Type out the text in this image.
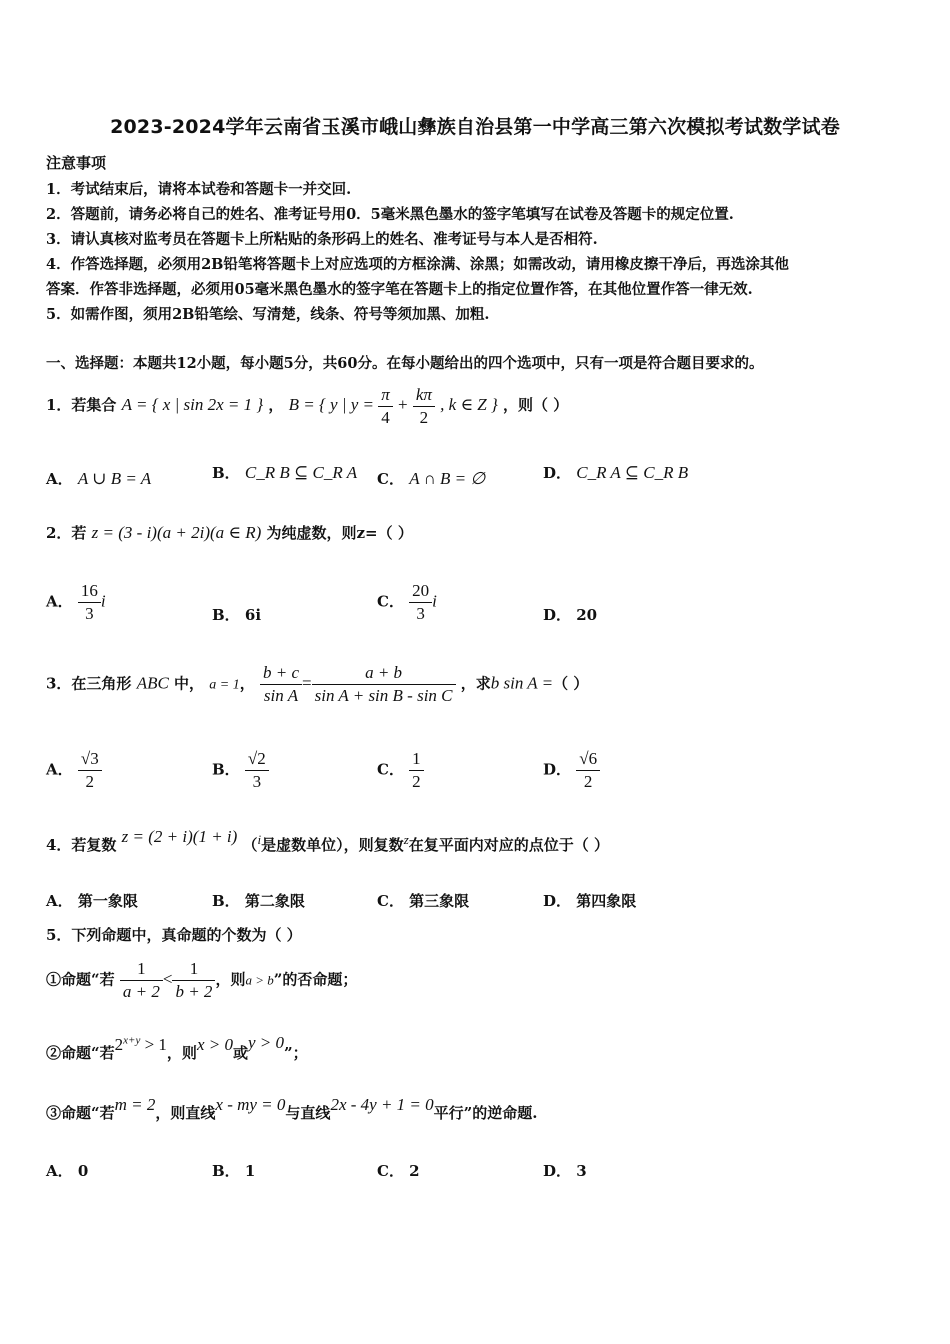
2023-2024学年云南省玉溪市峨山彝族自治县第一中学高三第六次模拟考试数学试卷
注意事项
1．考试结束后，请将本试卷和答题卡一并交回.
2．答题前，请务必将自己的姓名、准考证号用0．5毫米黑色墨水的签字笔填写在试卷及答题卡的规定位置.
3．请认真核对监考员在答题卡上所粘贴的条形码上的姓名、准考证号与本人是否相符.
4．作答选择题，必须用2B铅笔将答题卡上对应选项的方框涂满、涂黑；如需改动，请用橡皮擦干净后，再选涂其他
答案．作答非选择题，必须用05毫米黑色墨水的签字笔在答题卡上的指定位置作答，在其他位置作答一律无效.
5．如需作图，须用2B铅笔绘、写清楚，线条、符号等须加黑、加粗.
一、选择题：本题共12小题，每小题5分，共60分。在每小题给出的四个选项中，只有一项是符合题目要求的。
1．若集合 A = { x | sin 2x = 1 } ， B = { y | $y = \frac{\pi}{4} + \frac{k\pi}{2}$ , k ∈ Z } ，则（ ）
A． A ∪ B = A	B． C_R B ⊆ C_R A C． A ∩ B = ∅	D． C_R A ⊆ C_R B
2．若 z = (3 - i)(a + 2i)(a ∈ R) 为纯虚数，则z=（ ）
A． $\frac{16}{3}$ i
B． 6i
C． $\frac{20}{3}$ i
D． 20
3．在三角形 ABC 中， a = 1， $\frac{b + c}{\text{sin A}} = \frac{a + b}{\text{sin A + sin B - sin C}}$ ，求b sin A =（ ）
A． $\frac{√3}{2}$	B． $\frac{√2}{3}$	C． $\frac{1}{2}$	D． $\frac{√6}{2}$
4．若复数 z = (2 + i)(1 + i) （i是虚数单位），则复数z在复平面内对应的点位于（ ）
A． 第一象限	B． 第二象限	C． 第三象限	D． 第四象限
5．下列命题中，真命题的个数为（ ）
①命题“若 $\frac{1}{a + 2} < \frac{1}{b + 2}$ ，则a > b”的否命题；
②命题“若$2^{x+y} > 1$，则x > 0或y > 0”；
③命题“若m = 2，则直线x - my = 0与直线2x - 4y + 1 = 0平行”的逆命题.
A． 0	B． 1	C． 2	D． 3
